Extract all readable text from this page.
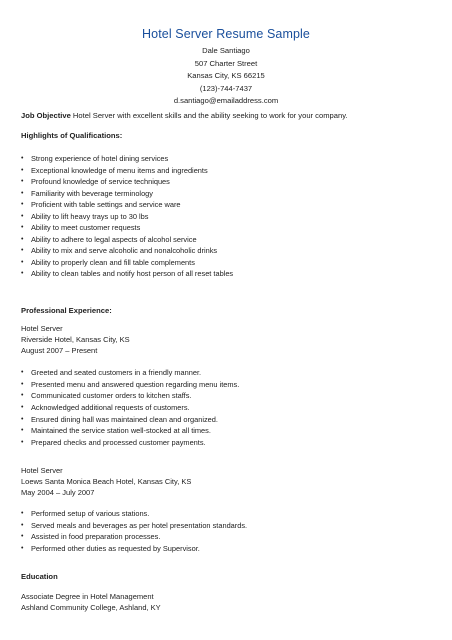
Hotel Server Resume Sample
Dale Santiago
507 Charter Street
Kansas City, KS 66215
(123)-744-7437
d.santiago@emailaddress.com
Job Objective Hotel Server with excellent skills and the ability seeking to work for your company.
Highlights of Qualifications:
• Strong experience of hotel dining services
• Exceptional knowledge of menu items and ingredients
• Profound knowledge of service techniques
• Familiarity with beverage terminology
• Proficient with table settings and service ware
• Ability to lift heavy trays up to 30 lbs
• Ability to meet customer requests
• Ability to adhere to legal aspects of alcohol service
• Ability to mix and serve alcoholic and nonalcoholic drinks
• Ability to properly clean and fill table complements
• Ability to clean tables and notify host person of all reset tables
Professional Experience:
Hotel Server
Riverside Hotel, Kansas City, KS
August 2007 – Present
• Greeted and seated customers in a friendly manner.
• Presented menu and answered question regarding menu items.
• Communicated customer orders to kitchen staffs.
• Acknowledged additional requests of customers.
• Ensured dining hall was maintained clean and organized.
• Maintained the service station well-stocked at all times.
• Prepared checks and processed customer payments.
Hotel Server
Loews Santa Monica Beach Hotel, Kansas City, KS
May 2004 – July 2007
• Performed setup of various stations.
• Served meals and beverages as per hotel presentation standards.
• Assisted in food preparation processes.
• Performed other duties as requested by Supervisor.
Education
Associate Degree in Hotel Management
Ashland Community College, Ashland, KY
